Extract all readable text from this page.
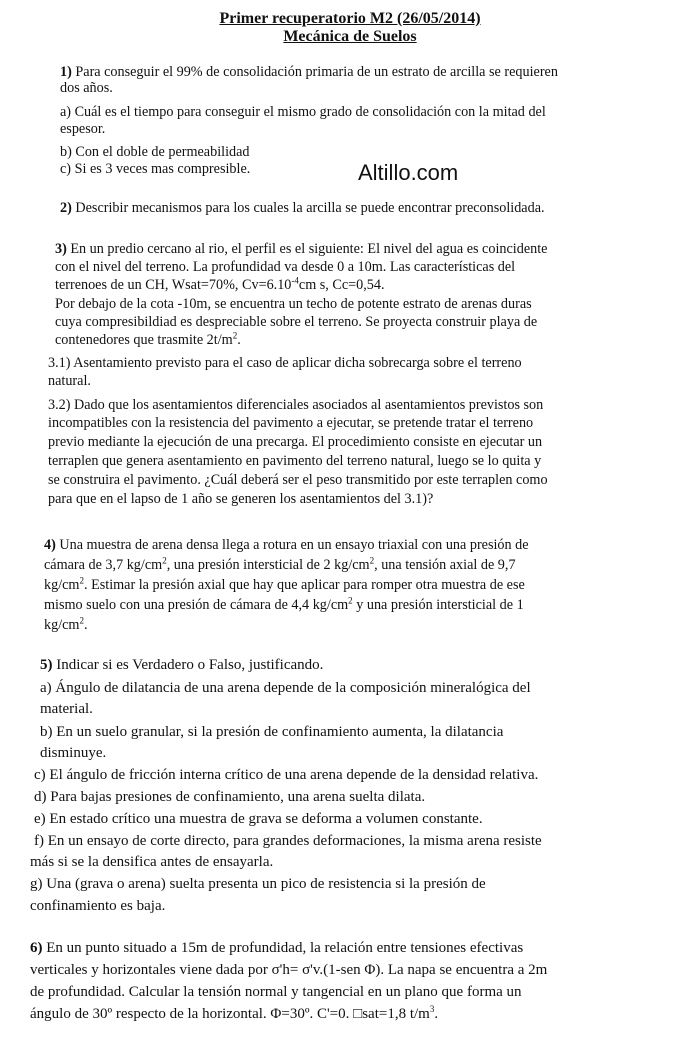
Primer recuperatorio M2 (26/05/2014)
Mecánica de Suelos
Altillo.com
1) Para conseguir el 99% de consolidación primaria de un estrato de arcilla se requieren
dos años.
a) Cuál es el tiempo para conseguir el mismo grado de consolidación con la mitad del
espesor.
b) Con el doble de permeabilidad
c) Si es 3 veces mas compresible.
2) Describir mecanismos para los cuales la arcilla se puede encontrar preconsolidada.
3) En un predio cercano al rio, el perfil es el siguiente: El nivel del agua es coincidente
con el nivel del terreno. La profundidad va desde 0 a 10m. Las características del
terrenoes de un CH, Wsat=70%, $Cv=6.10^{-4}cm$ s, Cc=0,54.
Por debajo de la cota -10m, se encuentra un techo de potente estrato de arenas duras
cuya compresibildiad es despreciable sobre el terreno. Se proyecta construir playa de
contenedores que trasmite $2t/m^2$.
3.1) Asentamiento previsto para el caso de aplicar dicha sobrecarga sobre el terreno
natural.
3.2) Dado que los asentamientos diferenciales asociados al asentamientos previstos son
incompatibles con la resistencia del pavimento a ejecutar, se pretende tratar el terreno
previo mediante la ejecución de una precarga. El procedimiento consiste en ejecutar un
terraplen que genera asentamiento en pavimento del terreno natural, luego se lo quita y
se construira el pavimento. ¿Cuál deberá ser el peso transmitido por este terraplen como
para que en el lapso de 1 año se generen los asentamientos del 3.1)?
4) Una muestra de arena densa llega a rotura en un ensayo triaxial con una presión de
cámara de 3,7 $kg/cm^2$, una presión intersticial de 2 $kg/cm^2$, una tensión axial de 9,7
$kg/cm^2$. Estimar la presión axial que hay que aplicar para romper otra muestra de ese
mismo suelo con una presión de cámara de 4,4 $kg/cm^2$ y una presión intersticial de 1
$kg/cm^2$.
5) Indicar si es Verdadero o Falso, justificando.
a) Ángulo de dilatancia de una arena depende de la composición mineralógica del
material.
b) En un suelo granular, si la presión de confinamiento aumenta, la dilatancia
disminuye.
c) El ángulo de fricción interna crítico de una arena depende de la densidad relativa.
d) Para bajas presiones de confinamiento, una arena suelta dilata.
e) En estado crítico una muestra de grava se deforma a volumen constante.
f) En un ensayo de corte directo, para grandes deformaciones, la misma arena resiste
más si se la densifica antes de ensayarla.
g) Una (grava o arena) suelta presenta un pico de resistencia si la presión de
confinamiento es baja.
6) En un punto situado a 15m de profundidad, la relación entre tensiones efectivas
verticales y horizontales viene dada por σ'h= σ'v.(1-sen Φ). La napa se encuentra a 2m
de profundidad. Calcular la tensión normal y tangencial en un plano que forma un
ángulo de 30º respecto de la horizontal. Φ=30º. C'=0. □sat=1,8 $t/m^3$.
